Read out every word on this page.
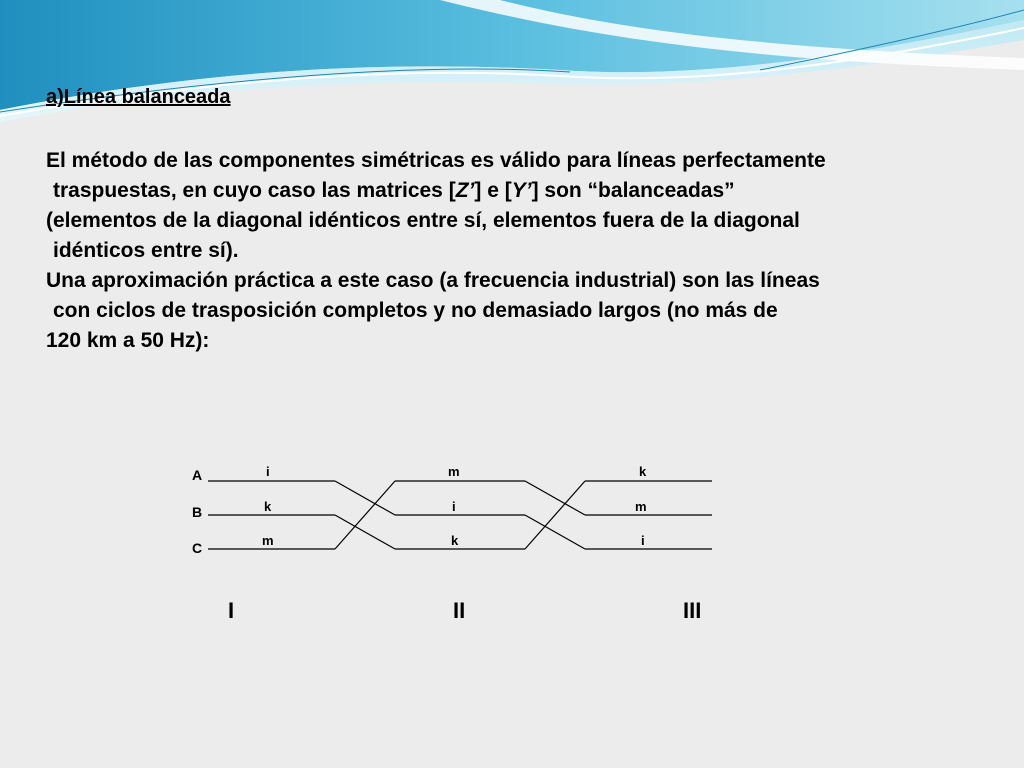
a)Línea balanceada
El método de las componentes simétricas es válido para líneas perfectamente
traspuestas, en cuyo caso las matrices [Z’] e [Y’] son “balanceadas”
(elementos de la diagonal idénticos entre sí, elementos fuera de la diagonal
idénticos entre sí).
Una aproximación práctica a este caso (a frecuencia industrial) son las líneas
con ciclos de trasposición completos y no demasiado largos (no más de
120 km a 50 Hz):
A
B
C
i
k
m
m
i
k
k
m
i
I	II	III
